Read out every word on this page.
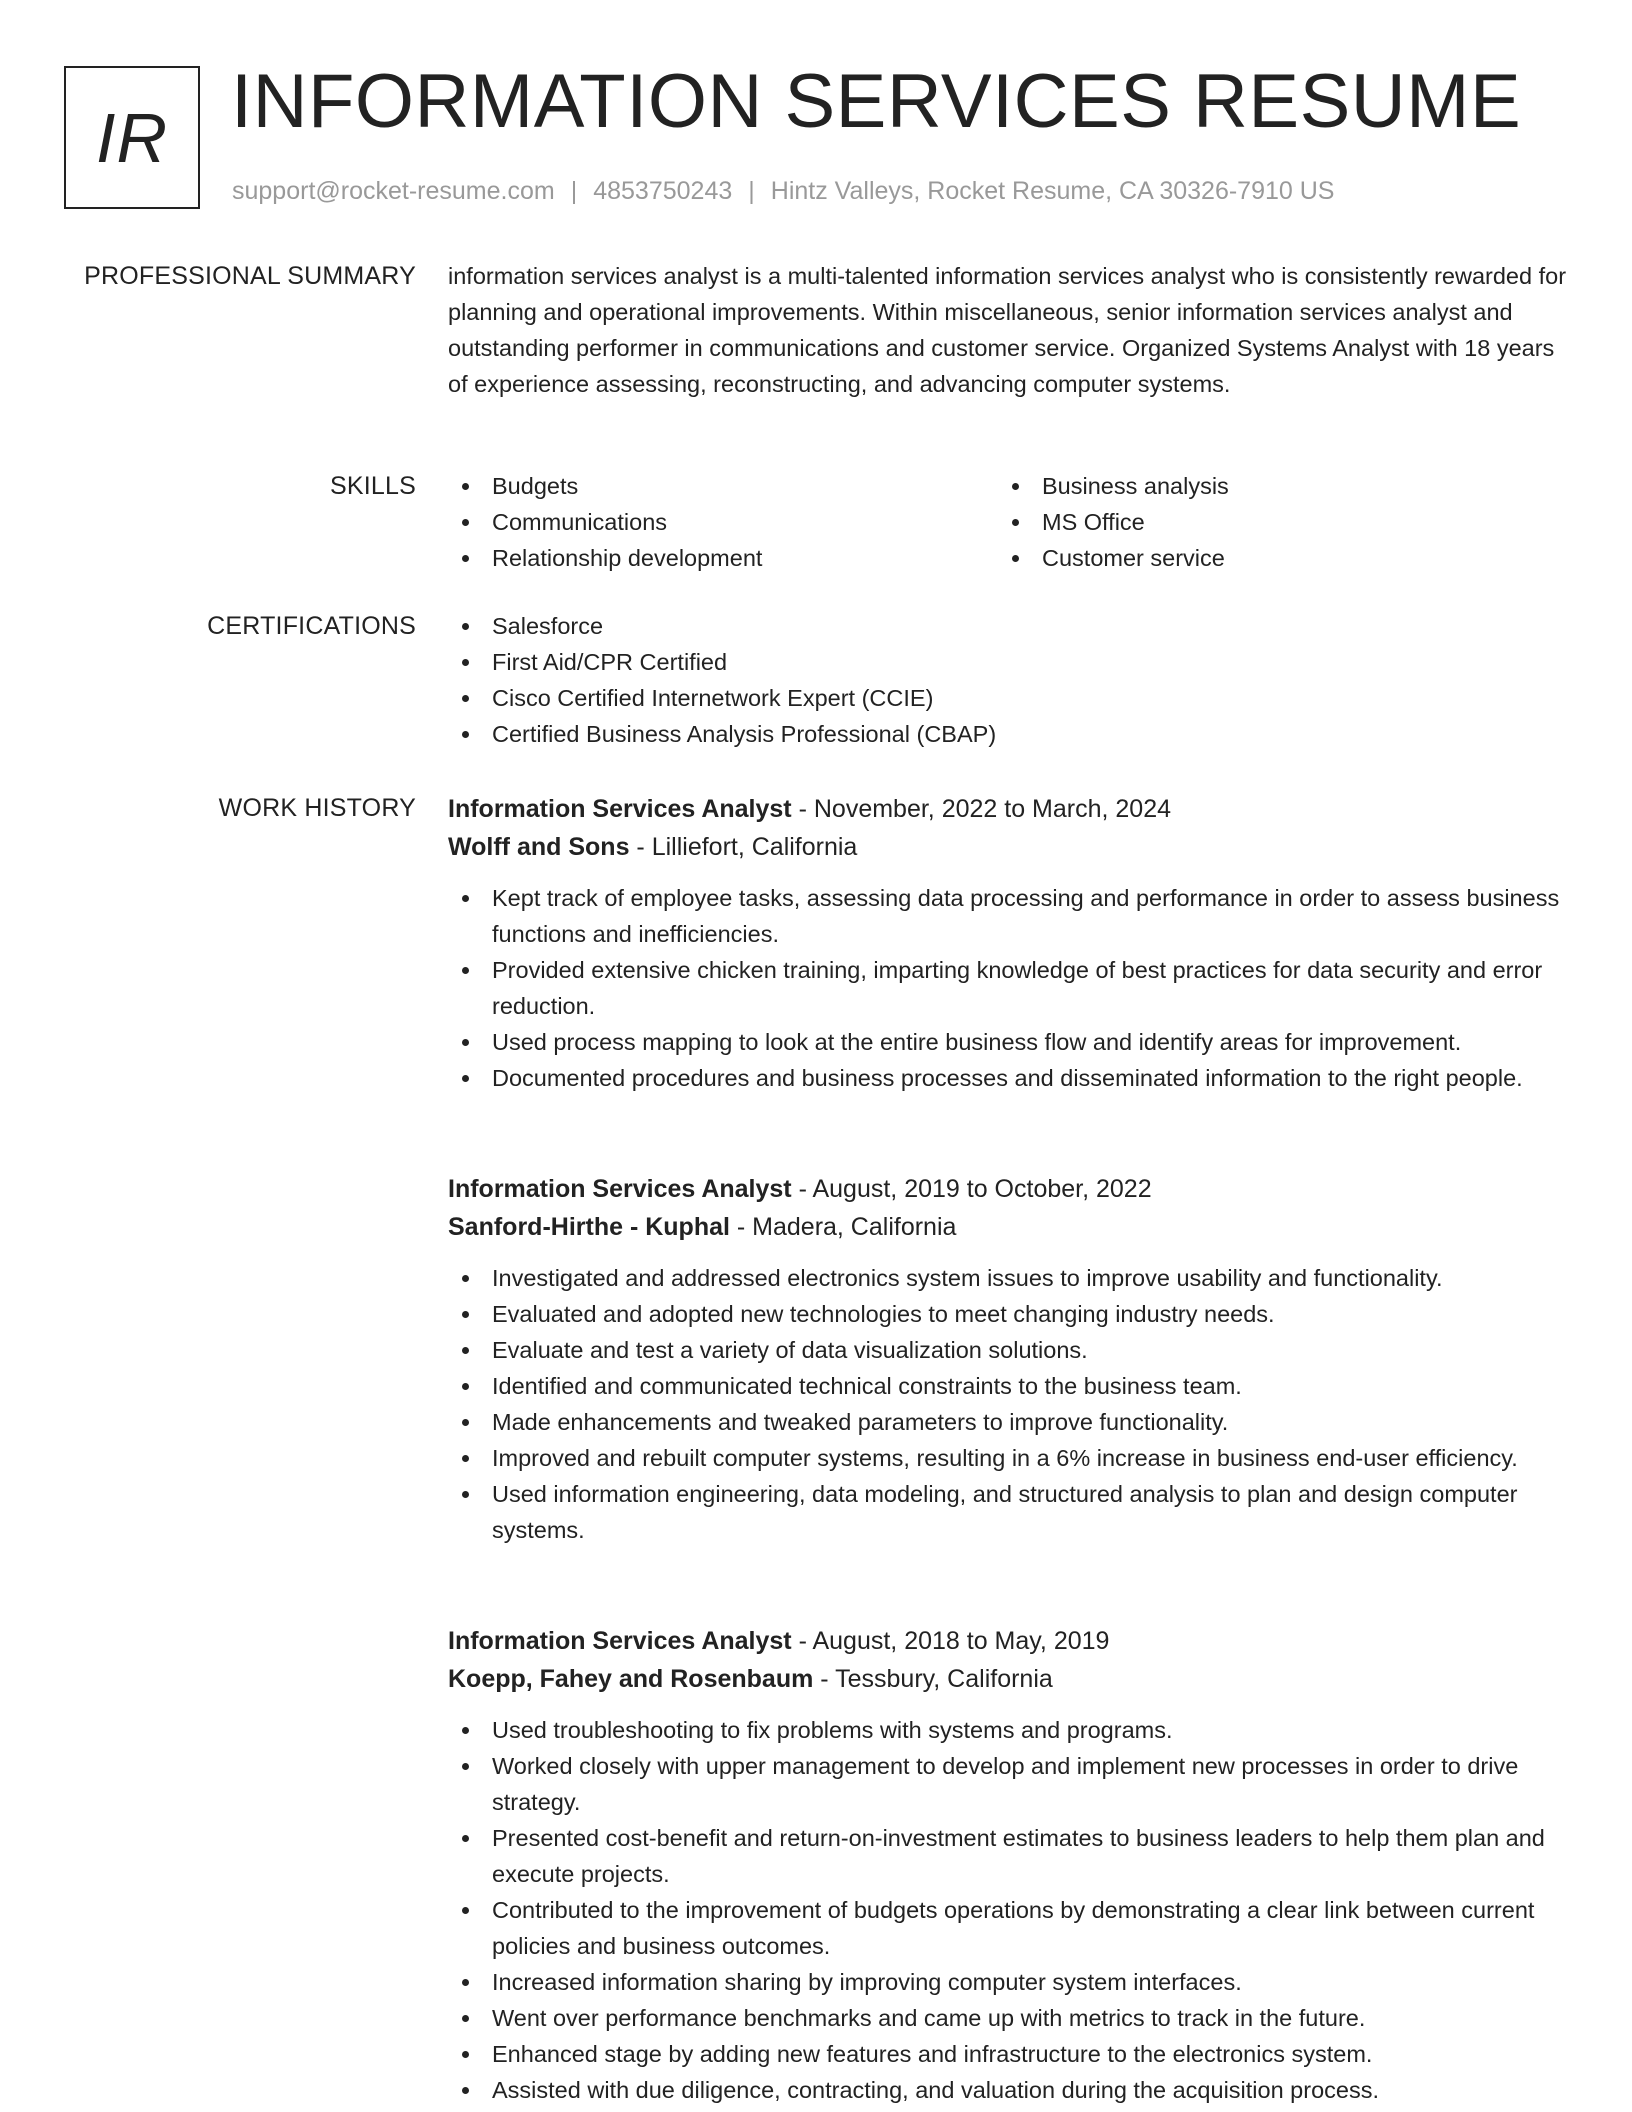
IR INFORMATION SERVICES RESUME
support@rocket-resume.com | 4853750243 | Hintz Valleys, Rocket Resume, CA 30326-7910 US
PROFESSIONAL SUMMARY information services analyst is a multi-talented information services analyst who is consistently rewarded for planning and operational improvements. Within miscellaneous, senior information services analyst and outstanding performer in communications and customer service. Organized Systems Analyst with 18 years of experience assessing, reconstructing, and advancing computer systems.

SKILLS	Budgets
Communications
Relationship development
Business analysis
MS Office
Customer service
CERTIFICATIONS	Salesforce
First Aid/CPR Certified
Cisco Certified Internetwork Expert (CCIE)
Certified Business Analysis Professional (CBAP)
WORK HISTORY Information Services Analyst - November, 2022 to March, 2024
Wolff and Sons - Lilliefort, California
Kept track of employee tasks, assessing data processing and performance in order to assess business functions and inefficiencies.
Provided extensive chicken training, imparting knowledge of best practices for data security and error reduction.
Used process mapping to look at the entire business flow and identify areas for improvement.
Documented procedures and business processes and disseminated information to the right people.
Information Services Analyst - August, 2019 to October, 2022
Sanford-Hirthe - Kuphal - Madera, California
Investigated and addressed electronics system issues to improve usability and functionality.
Evaluated and adopted new technologies to meet changing industry needs.
Evaluate and test a variety of data visualization solutions.
Identified and communicated technical constraints to the business team.
Made enhancements and tweaked parameters to improve functionality.
Improved and rebuilt computer systems, resulting in a 6% increase in business end-user efficiency.
Used information engineering, data modeling, and structured analysis to plan and design computer systems.
Information Services Analyst - August, 2018 to May, 2019
Koepp, Fahey and Rosenbaum - Tessbury, California
Used troubleshooting to fix problems with systems and programs.
Worked closely with upper management to develop and implement new processes in order to drive strategy.
Presented cost-benefit and return-on-investment estimates to business leaders to help them plan and execute projects.
Contributed to the improvement of budgets operations by demonstrating a clear link between current policies and business outcomes.
Increased information sharing by improving computer system interfaces.
Went over performance benchmarks and came up with metrics to track in the future.
Enhanced stage by adding new features and infrastructure to the electronics system.
Assisted with due diligence, contracting, and valuation during the acquisition process.
